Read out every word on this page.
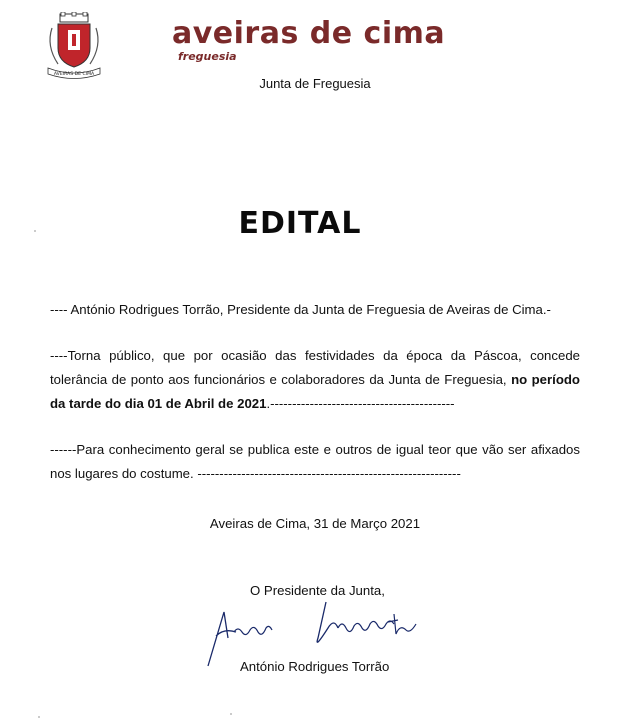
AVEIRAS DE CIMA
aveiras de cima
freguesia
Junta de Freguesia
EDITAL
---- António Rodrigues Torrão, Presidente da Junta de Freguesia de Aveiras de Cima.-
----Torna público, que por ocasião das festividades da época da Páscoa, concede tolerância de ponto aos funcionários e colaboradores da Junta de Freguesia, no período da tarde do dia 01 de Abril de 2021.------------------------------------------
------Para conhecimento geral se publica este e outros de igual teor que vão ser afixados nos lugares do costume. ------------------------------------------------------------
Aveiras de Cima, 31 de Março 2021
O Presidente da Junta,
António Rodrigues Torrão
